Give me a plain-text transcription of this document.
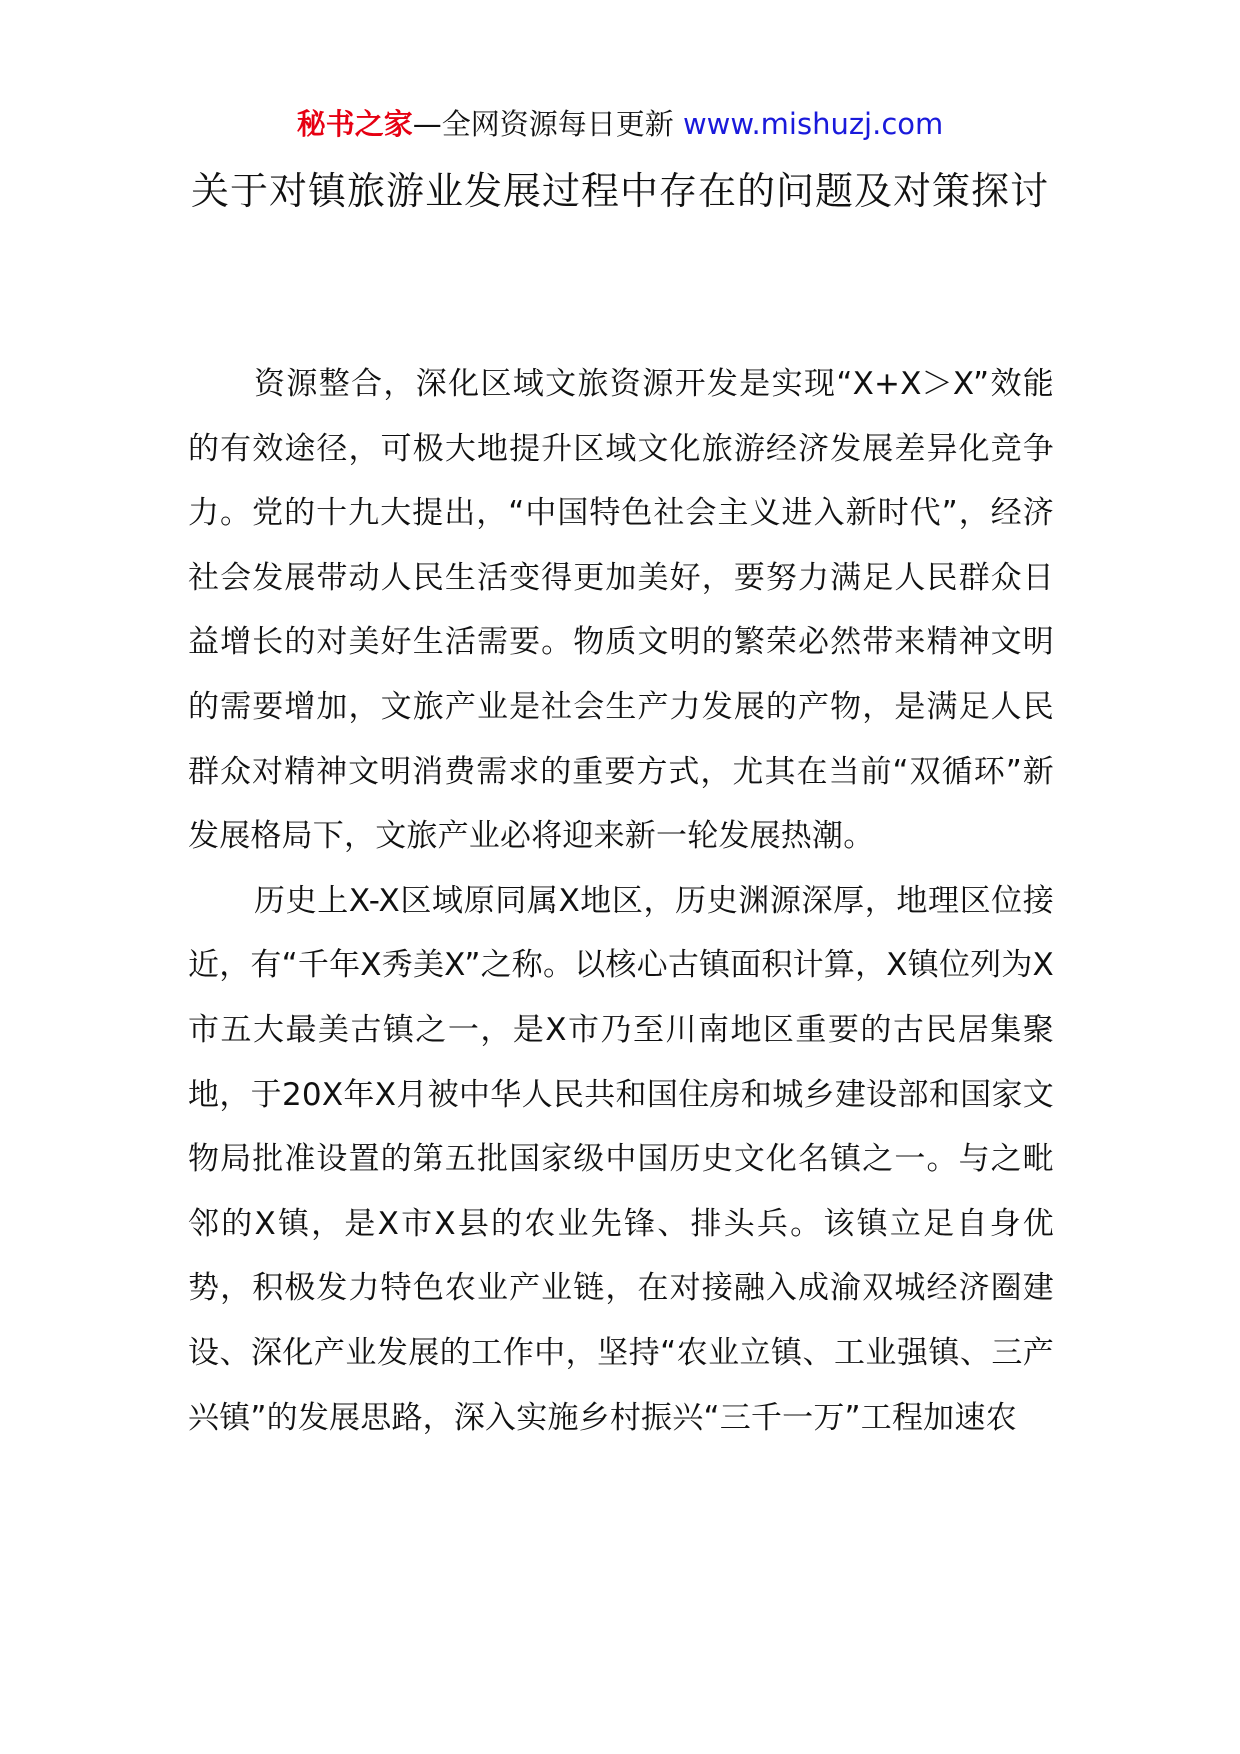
秘书之家—全网资源每日更新 www.mishuzj.com
关于对镇旅游业发展过程中存在的问题及对策探讨

资源整合，深化区域文旅资源开发是实现“X+X＞X”效能的有效途径，可极大地提升区域文化旅游经济发展差异化竞争力。党的十九大提出，“中国特色社会主义进入新时代”，经济社会发展带动人民生活变得更加美好，要努力满足人民群众日益增长的对美好生活需要。物质文明的繁荣必然带来精神文明的需要增加，文旅产业是社会生产力发展的产物，是满足人民群众对精神文明消费需求的重要方式，尤其在当前“双循环”新发展格局下，文旅产业必将迎来新一轮发展热潮。

历史上X-X区域原同属X地区，历史渊源深厚，地理区位接近，有“千年X秀美X”之称。以核心古镇面积计算，X镇位列为X市五大最美古镇之一，是X市乃至川南地区重要的古民居集聚地，于20X年X月被中华人民共和国住房和城乡建设部和国家文物局批准设置的第五批国家级中国历史文化名镇之一。与之毗邻的X镇，是X市X县的农业先锋、排头兵。该镇立足自身优势，积极发力特色农业产业链，在对接融入成渝双城经济圈建设、深化产业发展的工作中，坚持“农业立镇、工业强镇、三产兴镇”的发展思路，深入实施乡村振兴“三千一万”工程加速农
